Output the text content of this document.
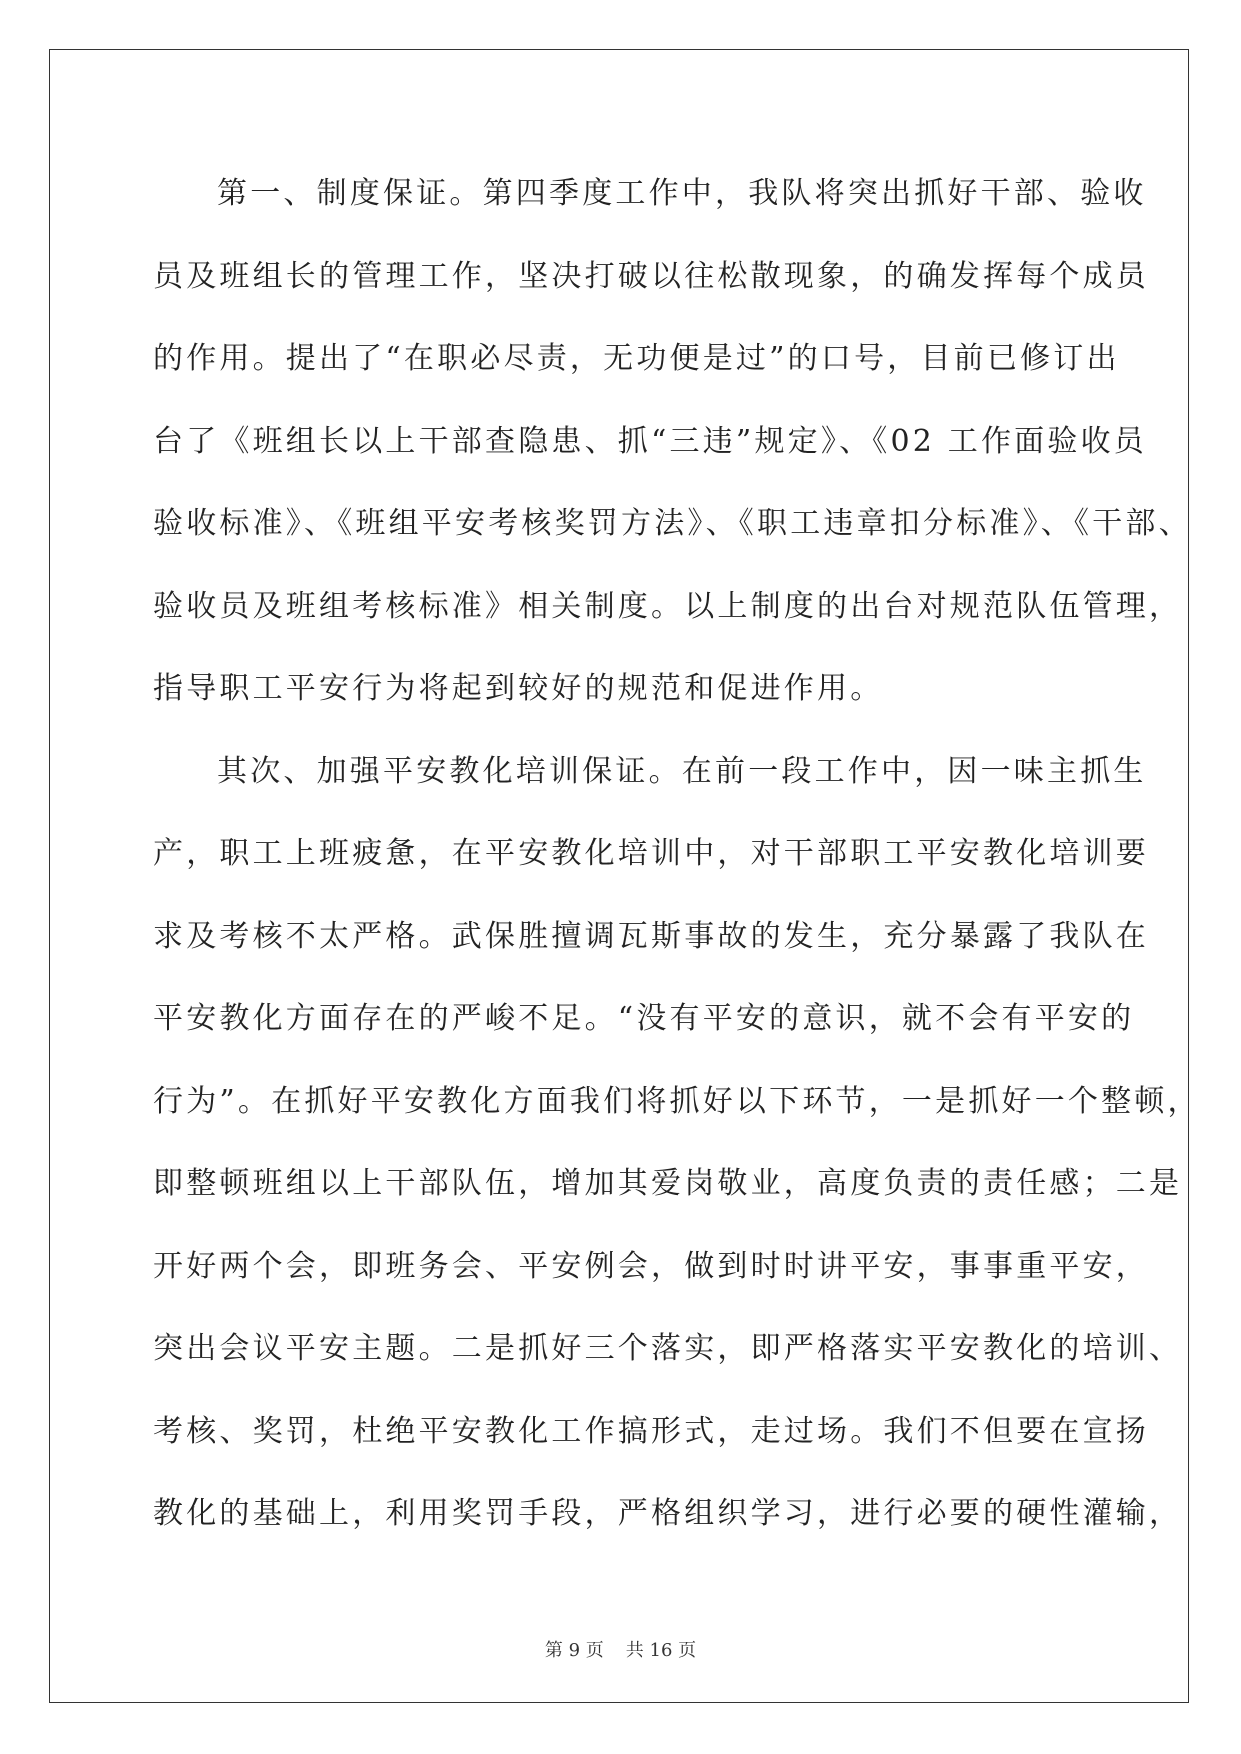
第一、制度保证。第四季度工作中，我队将突出抓好干部、验收
员及班组长的管理工作，坚决打破以往松散现象，的确发挥每个成员
的作用。提出了“在职必尽责，无功便是过”的口号，目前已修订出
台了《班组长以上干部查隐患、抓“三违”规定》、《02 工作面验收员
验收标准》、《班组平安考核奖罚方法》、《职工违章扣分标准》、《干部、
验收员及班组考核标准》相关制度。以上制度的出台对规范队伍管理，
指导职工平安行为将起到较好的规范和促进作用。
其次、加强平安教化培训保证。在前一段工作中，因一味主抓生
产，职工上班疲惫，在平安教化培训中，对干部职工平安教化培训要
求及考核不太严格。武保胜擅调瓦斯事故的发生，充分暴露了我队在
平安教化方面存在的严峻不足。“没有平安的意识，就不会有平安的
行为”。在抓好平安教化方面我们将抓好以下环节，一是抓好一个整顿，
即整顿班组以上干部队伍，增加其爱岗敬业，高度负责的责任感；二是
开好两个会，即班务会、平安例会，做到时时讲平安，事事重平安，
突出会议平安主题。二是抓好三个落实，即严格落实平安教化的培训、
考核、奖罚，杜绝平安教化工作搞形式，走过场。我们不但要在宣扬
教化的基础上，利用奖罚手段，严格组织学习，进行必要的硬性灌输，
第 9 页 共 16 页
